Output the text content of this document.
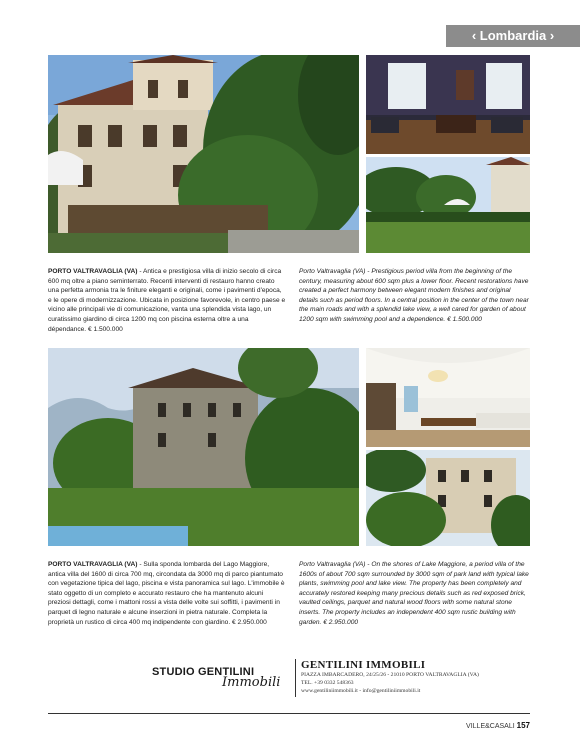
‹ Lombardia ›
PORTO VALTRAVAGLIA (VA) - Antica e prestigiosa villa di inizio secolo di circa 600 mq oltre a piano seminterrato. Recenti interventi di restauro hanno creato una perfetta armonia tra le finiture eleganti e originali, come i pavimenti d'epoca, e le opere di modernizzazione. Ubicata in posizione favorevole, in centro paese e vicino alle principali vie di comunicazione, vanta una splendida vista lago, un curatissimo giardino di circa 1200 mq con piscina esterna oltre a una dépendance. € 1.500.000
Porto Valtravaglia (VA) - Prestigious period villa from the beginning of the century, measuring about 600 sqm plus a lower floor. Recent restorations have created a perfect harmony between elegant modern finishes and original details such as period floors. In a central position in the center of the town near the main roads and with a splendid lake view, a well cared for garden of about 1200 sqm with swimming pool and a dependence. € 1.500.000
PORTO VALTRAVAGLIA (VA) - Sulla sponda lombarda del Lago Maggiore, antica villa del 1600 di circa 700 mq, circondata da 3000 mq di parco piantumato con vegetazione tipica del lago, piscina e vista panoramica sul lago. L'immobile è stato oggetto di un completo e accurato restauro che ha mantenuto alcuni preziosi dettagli, come i mattoni rossi a vista delle volte sui soffitti, i pavimenti in parquet di legno naturale e alcune inserzioni in pietra naturale. Completa la proprietà un rustico di circa 400 mq indipendente con giardino. € 2.950.000
Porto Valtravaglia (VA) - On the shores of Lake Maggiore, a period villa of the 1600s of about 700 sqm surrounded by 3000 sqm of park land with typical lake plants, swimming pool and lake view. The property has been completely and accurately restored keeping many precious details such as red exposed brick, vaulted ceilings, parquet and natural wood floors with some natural stone inserts. The property includes an independent 400 sqm rustic building with garden. € 2.950.000
STUDIO GENTILINI
Immobili
GENTILINI IMMOBILI
PIAZZA IMBARCADERO, 24/25/26 - 21010 PORTO VALTRAVAGLIA (VA)
TEL. +39 0332 548363
www.gentiliniimmobili.it - info@gentiliniimmobili.it
VILLE&CASALI 157
